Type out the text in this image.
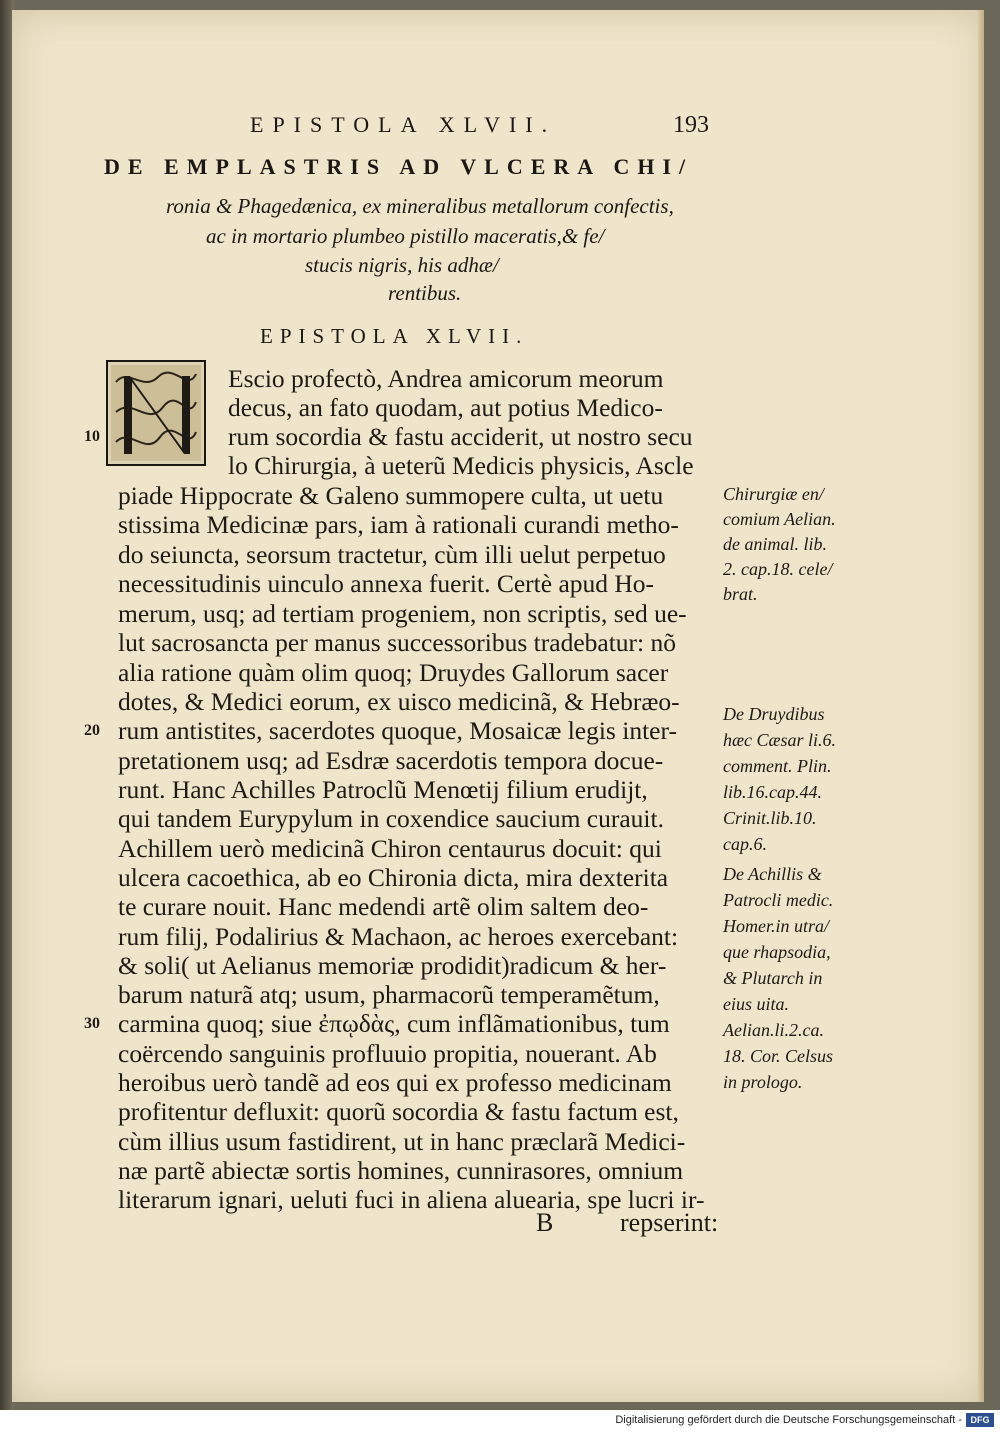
EPISTOLA XLVII.	193
DE EMPLASTRIS AD VLCERA CHI/
ronia & Phagedænica, ex mineralibus metallorum confectis,
ac in mortario plumbeo pistillo maceratis,& fe/
stucis nigris, his adhæ/
rentibus.
EPISTOLA XLVII.
Escio profectò, Andrea amicorum meorum
decus, an fato quodam, aut potius Medico-
rum socordia & fastu acciderit, ut nostro secu
lo Chirurgia, à ueterũ Medicis physicis, Ascle
piade Hippocrate & Galeno summopere culta, ut uetu
stissima Medicinæ pars, iam à rationali curandi metho-
do seiuncta, seorsum tractetur, cùm illi uelut perpetuo
necessitudinis uinculo annexa fuerit. Certè apud Ho-
merum, usq; ad tertiam progeniem, non scriptis, sed ue-
lut sacrosancta per manus successoribus tradebatur: nõ
alia ratione quàm olim quoq; Druydes Gallorum sacer
dotes, & Medici eorum, ex uisco medicinã, & Hebræo-
rum antistites, sacerdotes quoque, Mosaicæ legis inter-
pretationem usq; ad Esdræ sacerdotis tempora docue-
runt. Hanc Achilles Patroclũ Menœtij filium erudijt,
qui tandem Eurypylum in coxendice saucium curauit.
Achillem uerò medicinã Chiron centaurus docuit: qui
ulcera cacoethica, ab eo Chironia dicta, mira dexterita
te curare nouit. Hanc medendi artẽ olim saltem deo-
rum filij, Podalirius & Machaon, ac heroes exercebant:
& soli( ut Aelianus memoriæ prodidit)radicum & her-
barum naturã atq; usum, pharmacorũ temperamẽtum,
carmina quoq; siue ἐπῳδὰς, cum inflãmationibus, tum
coërcendo sanguinis profluuio propitia, nouerant. Ab
heroibus uerò tandẽ ad eos qui ex professo medicinam
profitentur defluxit: quorũ socordia & fastu factum est,
cùm illius usum fastidirent, ut in hanc præclarã Medici-
næ partẽ abiectæ sortis homines, cunnirasores, omnium
literarum ignari, ueluti fuci in aliena aluearia, spe lucri ir-
10
20
30
Chirurgiæ en/
comium Aelian.
de animal. lib.
2. cap.18. cele/
brat.
De Druydibus
hæc Cæsar li.6.
comment. Plin.
lib.16.cap.44.
Crinit.lib.10.
cap.6.
De Achillis &
Patrocli medic.
Homer.in utra/
que rhapsodia,
& Plutarch in
eius uita.
Aelian.li.2.ca.
18. Cor. Celsus
in prologo.
B	repserint:
Digitalisierung gefördert durch die Deutsche Forschungsgemeinschaft - DFG
